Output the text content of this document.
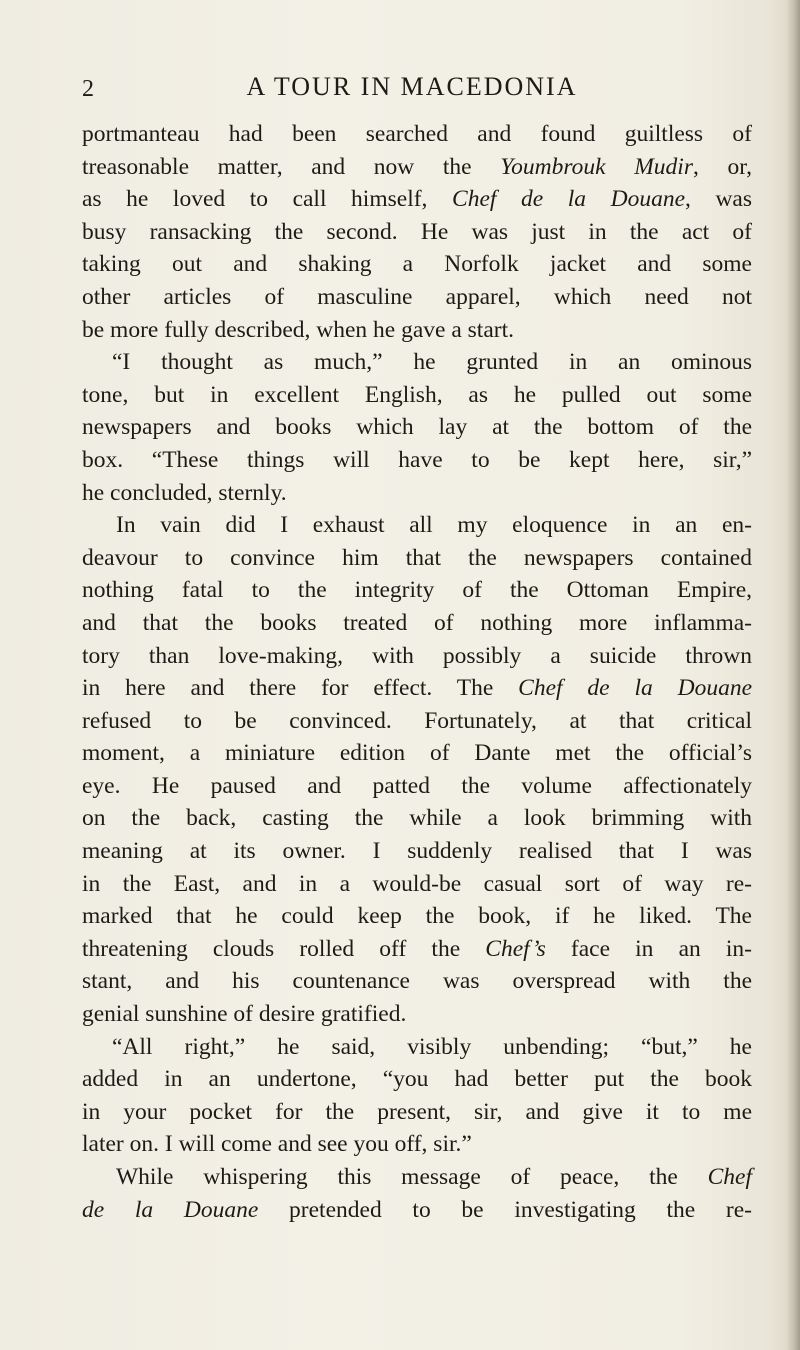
2	A TOUR IN MACEDONIA
portmanteau had been searched and found guiltless of
treasonable matter, and now the Youmbrouk Mudir, or,
as he loved to call himself, Chef de la Douane, was
busy ransacking the second. He was just in the act of
taking out and shaking a Norfolk jacket and some
other articles of masculine apparel, which need not
be more fully described, when he gave a start.
“I thought as much,” he grunted in an ominous
tone, but in excellent English, as he pulled out some
newspapers and books which lay at the bottom of the
box. “These things will have to be kept here, sir,”
he concluded, sternly.
In vain did I exhaust all my eloquence in an en-
deavour to convince him that the newspapers contained
nothing fatal to the integrity of the Ottoman Empire,
and that the books treated of nothing more inflamma-
tory than love-making, with possibly a suicide thrown
in here and there for effect. The Chef de la Douane
refused to be convinced. Fortunately, at that critical
moment, a miniature edition of Dante met the official’s
eye. He paused and patted the volume affectionately
on the back, casting the while a look brimming with
meaning at its owner. I suddenly realised that I was
in the East, and in a would-be casual sort of way re-
marked that he could keep the book, if he liked. The
threatening clouds rolled off the Chef’s face in an in-
stant, and his countenance was overspread with the
genial sunshine of desire gratified.
“All right,” he said, visibly unbending; “but,” he
added in an undertone, “you had better put the book
in your pocket for the present, sir, and give it to me
later on. I will come and see you off, sir.”
While whispering this message of peace, the Chef
de la Douane pretended to be investigating the re-
